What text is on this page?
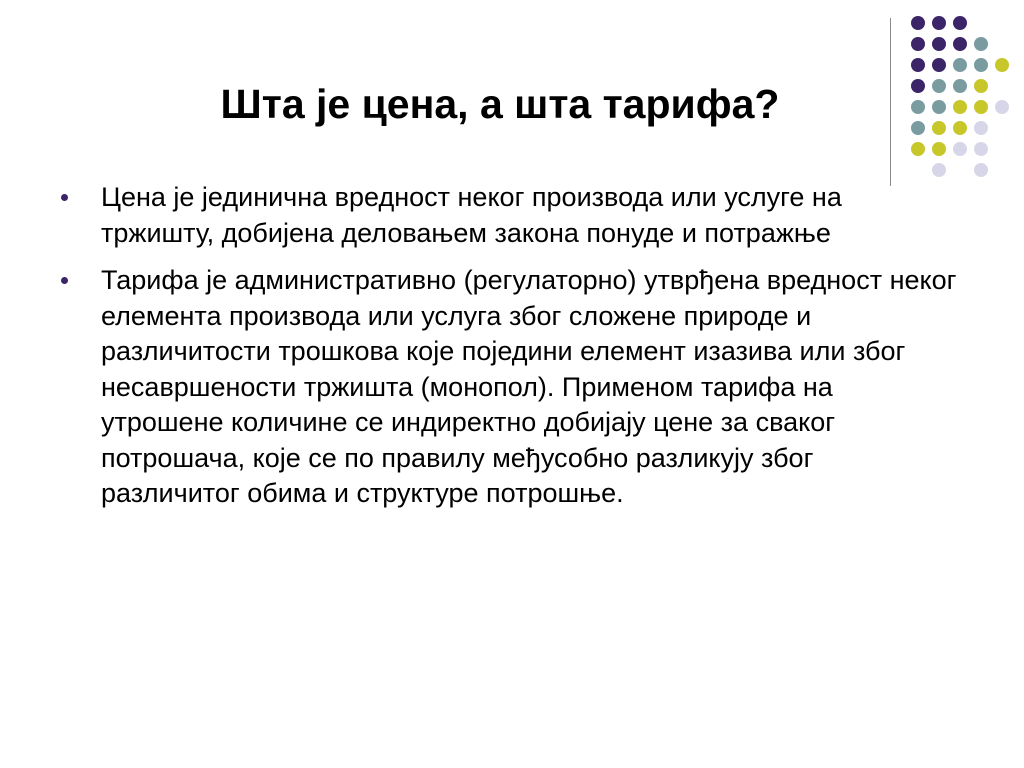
Шта је цена, а шта тарифа?
Цена је јединична вредност неког производа или услуге на тржишту, добијена деловањем закона понуде и потражње
Тарифа је административно (регулаторно) утврђена вредност неког елемента производа или услуга због сложене природе и различитости трошкова које поједини елемент изазива или због несавршености тржишта (монопол). Применом тарифа на утрошене количине се индиректно добијају цене за сваког потрошача, које се по правилу међусобно разликују због различитог обима и структуре потрошње.
